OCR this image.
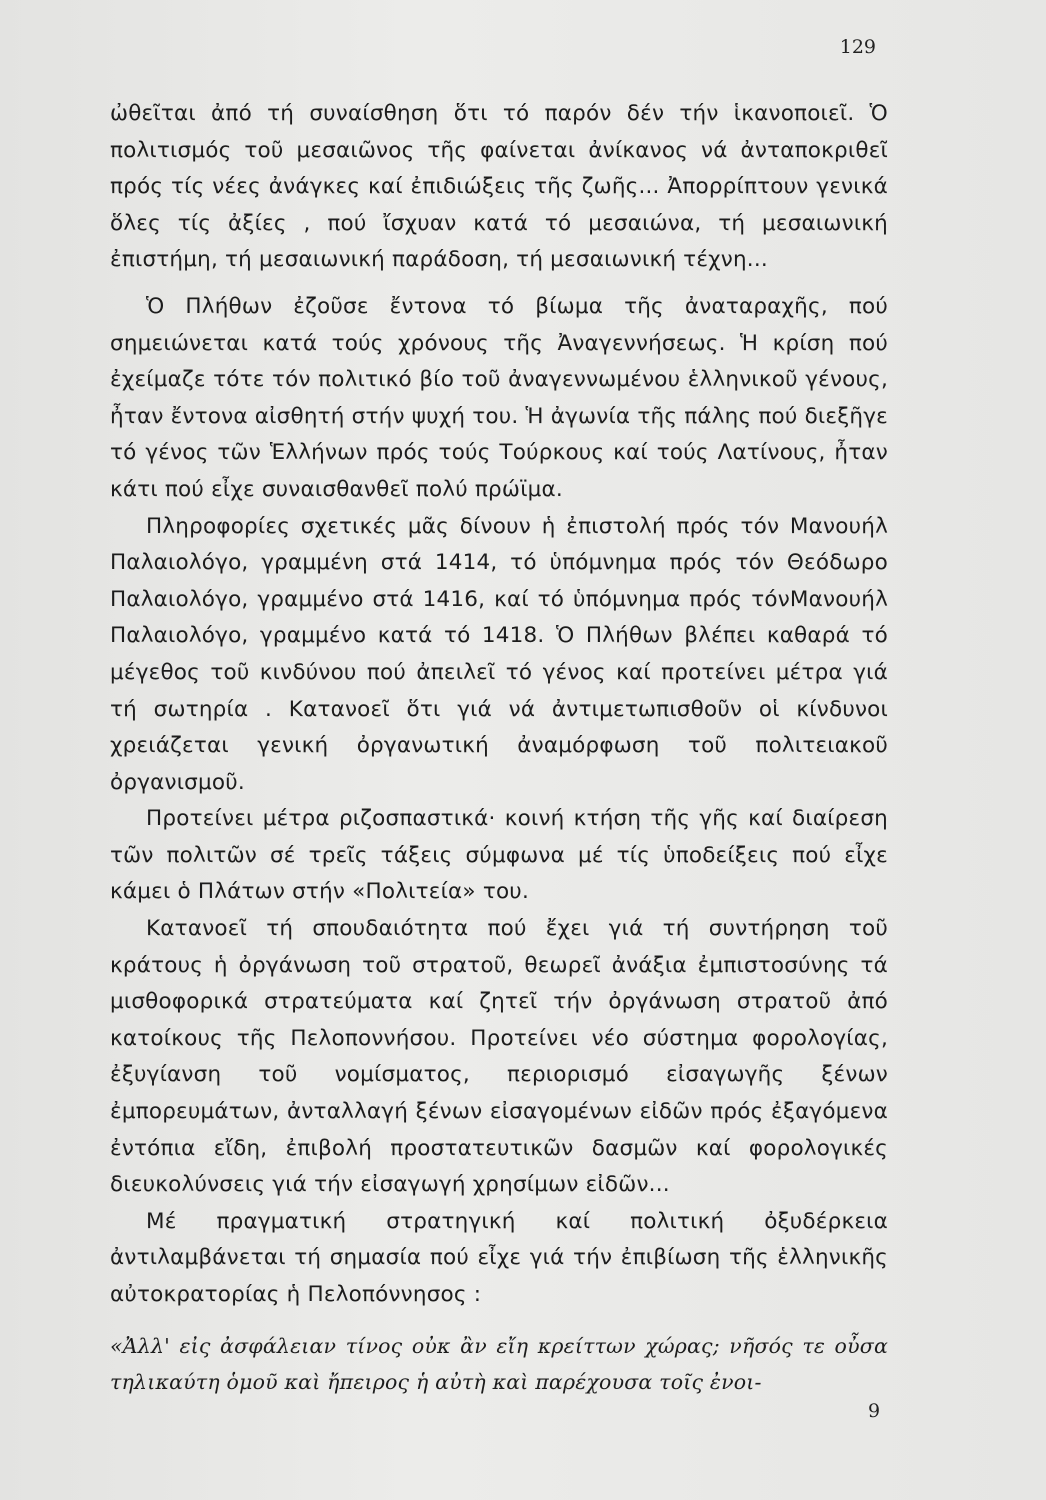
129

ὠθεῖται ἀπό τή συναίσθηση ὅτι τό παρόν δέν τήν ἱκανοποιεῖ. Ὁ πολιτισμός τοῦ μεσαιῶνος τῆς φαίνεται ἀνίκανος νά ἀνταποκριθεῖ πρός τίς νέες ἀνάγκες καί ἐπιδιώξεις τῆς ζωῆς... Ἀπορρίπτουν γενικά ὅλες τίς ἀξίες , πού ἴσχυαν κατά τό μεσαιώνα, τή μεσαιωνική ἐπιστήμη, τή μεσαιωνική παράδοση, τή μεσαιωνική τέχνη...

Ὁ Πλήθων ἐζοῦσε ἔντονα τό βίωμα τῆς ἀναταραχῆς, πού σημειώνεται κατά τούς χρόνους τῆς Ἀναγεννήσεως. Ἡ κρίση πού ἐχείμαζε τότε τόν πολιτικό βίο τοῦ ἀναγεννωμένου ἑλληνικοῦ γένους, ἦταν ἔντονα αἰσθητή στήν ψυχή του. Ἡ ἀγωνία τῆς πάλης πού διεξῆγε τό γένος τῶν Ἑλλήνων πρός τούς Τούρκους καί τούς Λατίνους, ἦταν κάτι πού εἶχε συναισθανθεῖ πολύ πρώϊμα.

Πληροφορίες σχετικές μᾶς δίνουν ἡ ἐπιστολή πρός τόν Μανουήλ Παλαιολόγο, γραμμένη στά 1414, τό ὑπόμνημα πρός τόν Θεόδωρο Παλαιολόγο, γραμμένο στά 1416, καί τό ὑπόμνημα πρός τόνΜανουήλ Παλαιολόγο, γραμμένο κατά τό 1418. Ὁ Πλήθων βλέπει καθαρά τό μέγεθος τοῦ κινδύνου πού ἀπειλεῖ τό γένος καί προτείνει μέτρα γιά τή σωτηρία . Κατανοεῖ ὅτι γιά νά ἀντιμετωπισθοῦν οἱ κίνδυνοι χρειάζεται γενική ὀργανωτική ἀναμόρφωση τοῦ πολιτειακοῦ ὀργανισμοῦ.

Προτείνει μέτρα ριζοσπαστικά· κοινή κτήση τῆς γῆς καί διαίρεση τῶν πολιτῶν σέ τρεῖς τάξεις σύμφωνα μέ τίς ὑποδείξεις πού εἶχε κάμει ὁ Πλάτων στήν «Πολιτεία» του.

Κατανοεῖ τή σπουδαιότητα πού ἔχει γιά τή συντήρηση τοῦ κράτους ἡ ὀργάνωση τοῦ στρατοῦ, θεωρεῖ ἀνάξια ἐμπιστοσύνης τά μισθοφορικά στρατεύματα καί ζητεῖ τήν ὀργάνωση στρατοῦ ἀπό κατοίκους τῆς Πελοποννήσου. Προτείνει νέο σύστημα φορολογίας, ἐξυγίανση τοῦ νομίσματος, περιορισμό εἰσαγωγῆς ξένων ἐμπορευμάτων, ἀνταλλαγή ξένων εἰσαγομένων εἰδῶν πρός ἐξαγόμενα ἐντόπια εἴδη, ἐπιβολή προστατευτικῶν δασμῶν καί φορολογικές διευκολύνσεις γιά τήν εἰσαγωγή χρησίμων εἰδῶν...

Μέ πραγματική στρατηγική καί πολιτική ὀξυδέρκεια ἀντιλαμβάνεται τή σημασία πού εἶχε γιά τήν ἐπιβίωση τῆς ἑλληνικῆς αὐτοκρατορίας ἡ Πελοπόννησος :

«Ἀλλ' εἰς ἀσφάλειαν τίνος οὐκ ἂν εἴη κρείττων χώρας; νῆσός τε οὖσα τηλικαύτη ὁμοῦ καὶ ἤπειρος ἡ αὐτὴ καὶ παρέχουσα τοῖς ἐνοι-

9
